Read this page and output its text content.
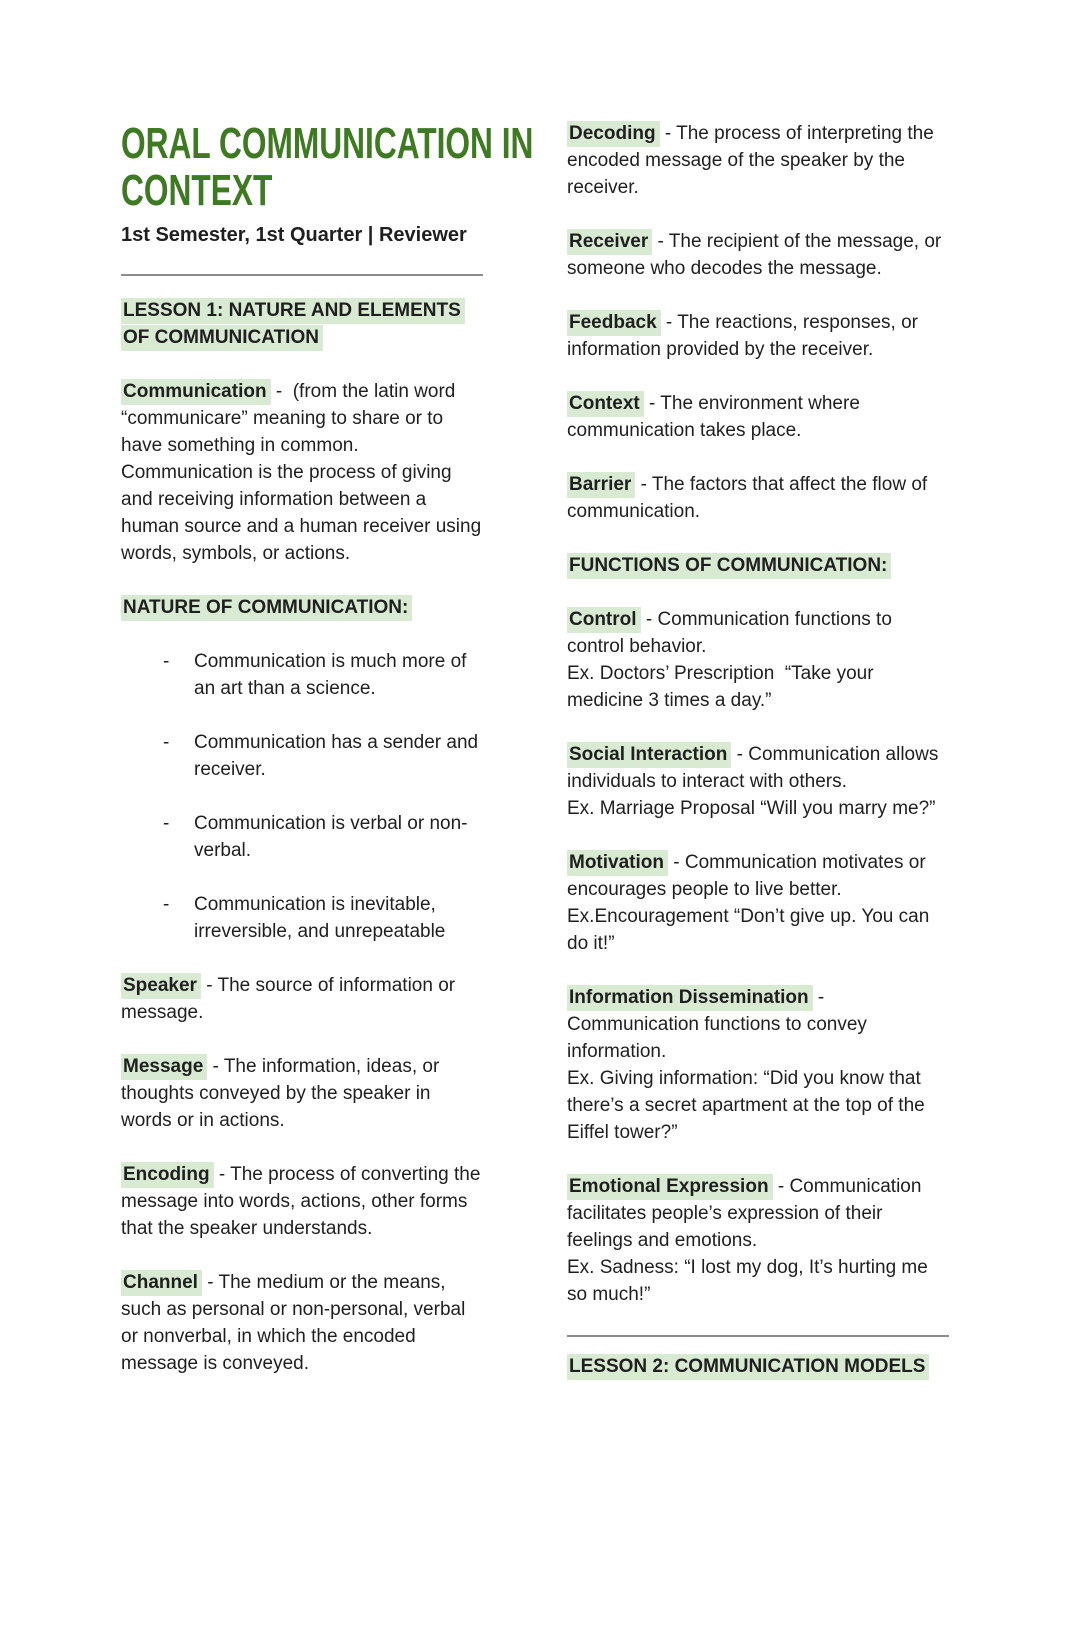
ORAL COMMUNICATION IN
CONTEXT
1st Semester, 1st Quarter | Reviewer
LESSON 1: NATURE AND ELEMENTS OF COMMUNICATION
Communication -  (from the latin word “communicare” meaning to share or to have something in common. Communication is the process of giving and receiving information between a human source and a human receiver using words, symbols, or actions.
NATURE OF COMMUNICATION:
-	Communication is much more of an art than a science.
-	Communication has a sender and receiver.
-	Communication is verbal or non-verbal.
-	Communication is inevitable, irreversible, and unrepeatable
Speaker - The source of information or message.
Message - The information, ideas, or thoughts conveyed by the speaker in words or in actions.
Encoding - The process of converting the message into words, actions, other forms that the speaker understands.
Channel - The medium or the means, such as personal or non-personal, verbal or nonverbal, in which the encoded message is conveyed.
Decoding - The process of interpreting the encoded message of the speaker by the receiver.
Receiver - The recipient of the message, or someone who decodes the message.
Feedback - The reactions, responses, or information provided by the receiver.
Context - The environment where communication takes place.
Barrier - The factors that affect the flow of communication.
FUNCTIONS OF COMMUNICATION:
Control - Communication functions to control behavior.
Ex. Doctors’ Prescription  “Take your medicine 3 times a day.”
Social Interaction - Communication allows individuals to interact with others.
Ex. Marriage Proposal “Will you marry me?”
Motivation - Communication motivates or encourages people to live better.
Ex.Encouragement “Don’t give up. You can do it!”
Information Dissemination - Communication functions to convey information.
Ex. Giving information: “Did you know that there’s a secret apartment at the top of the Eiffel tower?”
Emotional Expression - Communication facilitates people’s expression of their feelings and emotions.
Ex. Sadness: “I lost my dog, It’s hurting me so much!”
LESSON 2: COMMUNICATION MODELS
